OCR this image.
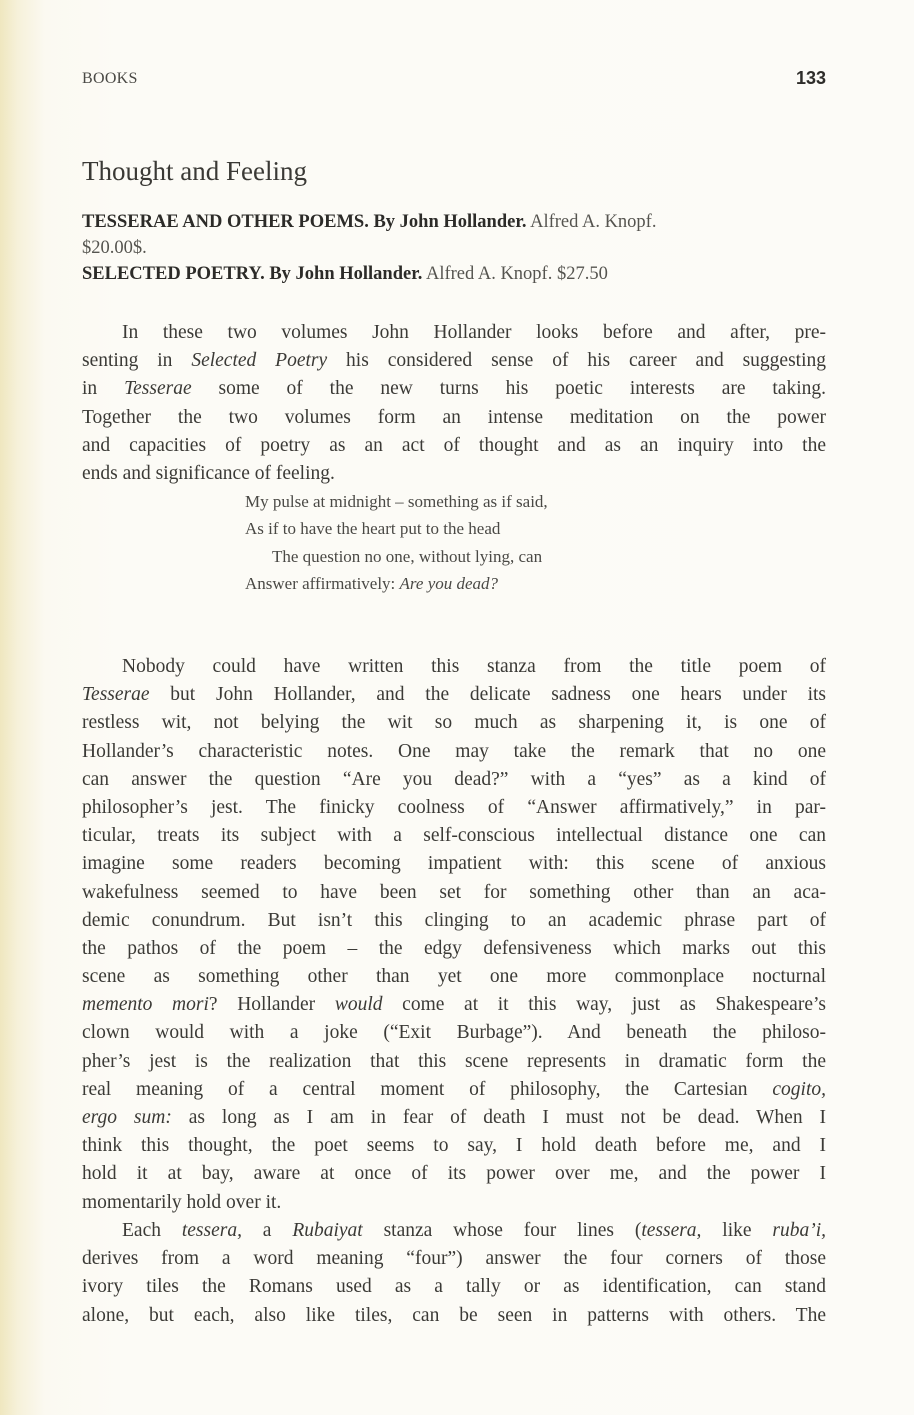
BOOKS	133
Thought and Feeling
TESSERAE AND OTHER POEMS. By John Hollander. Alfred A. Knopf.
$20.00$.
SELECTED POETRY. By John Hollander. Alfred A. Knopf. $27.50
In these two volumes John Hollander looks before and after, pre-
senting in Selected Poetry his considered sense of his career and suggesting
in Tesserae some of the new turns his poetic interests are taking.
Together the two volumes form an intense meditation on the power
and capacities of poetry as an act of thought and as an inquiry into the
ends and significance of feeling.
My pulse at midnight – something as if said,
As if to have the heart put to the head
The question no one, without lying, can
Answer affirmatively: Are you dead?
Nobody could have written this stanza from the title poem of
Tesserae but John Hollander, and the delicate sadness one hears under its
restless wit, not belying the wit so much as sharpening it, is one of
Hollander’s characteristic notes. One may take the remark that no one
can answer the question “Are you dead?” with a “yes” as a kind of
philosopher’s jest. The finicky coolness of “Answer affirmatively,” in par-
ticular, treats its subject with a self-conscious intellectual distance one can
imagine some readers becoming impatient with: this scene of anxious
wakefulness seemed to have been set for something other than an aca-
demic conundrum. But isn’t this clinging to an academic phrase part of
the pathos of the poem – the edgy defensiveness which marks out this
scene as something other than yet one more commonplace nocturnal
memento mori? Hollander would come at it this way, just as Shakespeare’s
clown would with a joke (“Exit Burbage”). And beneath the philoso-
pher’s jest is the realization that this scene represents in dramatic form the
real meaning of a central moment of philosophy, the Cartesian cogito,
ergo sum: as long as I am in fear of death I must not be dead. When I
think this thought, the poet seems to say, I hold death before me, and I
hold it at bay, aware at once of its power over me, and the power I
momentarily hold over it.
Each tessera, a Rubaiyat stanza whose four lines (tessera, like ruba’i,
derives from a word meaning “four”) answer the four corners of those
ivory tiles the Romans used as a tally or as identification, can stand
alone, but each, also like tiles, can be seen in patterns with others. The
